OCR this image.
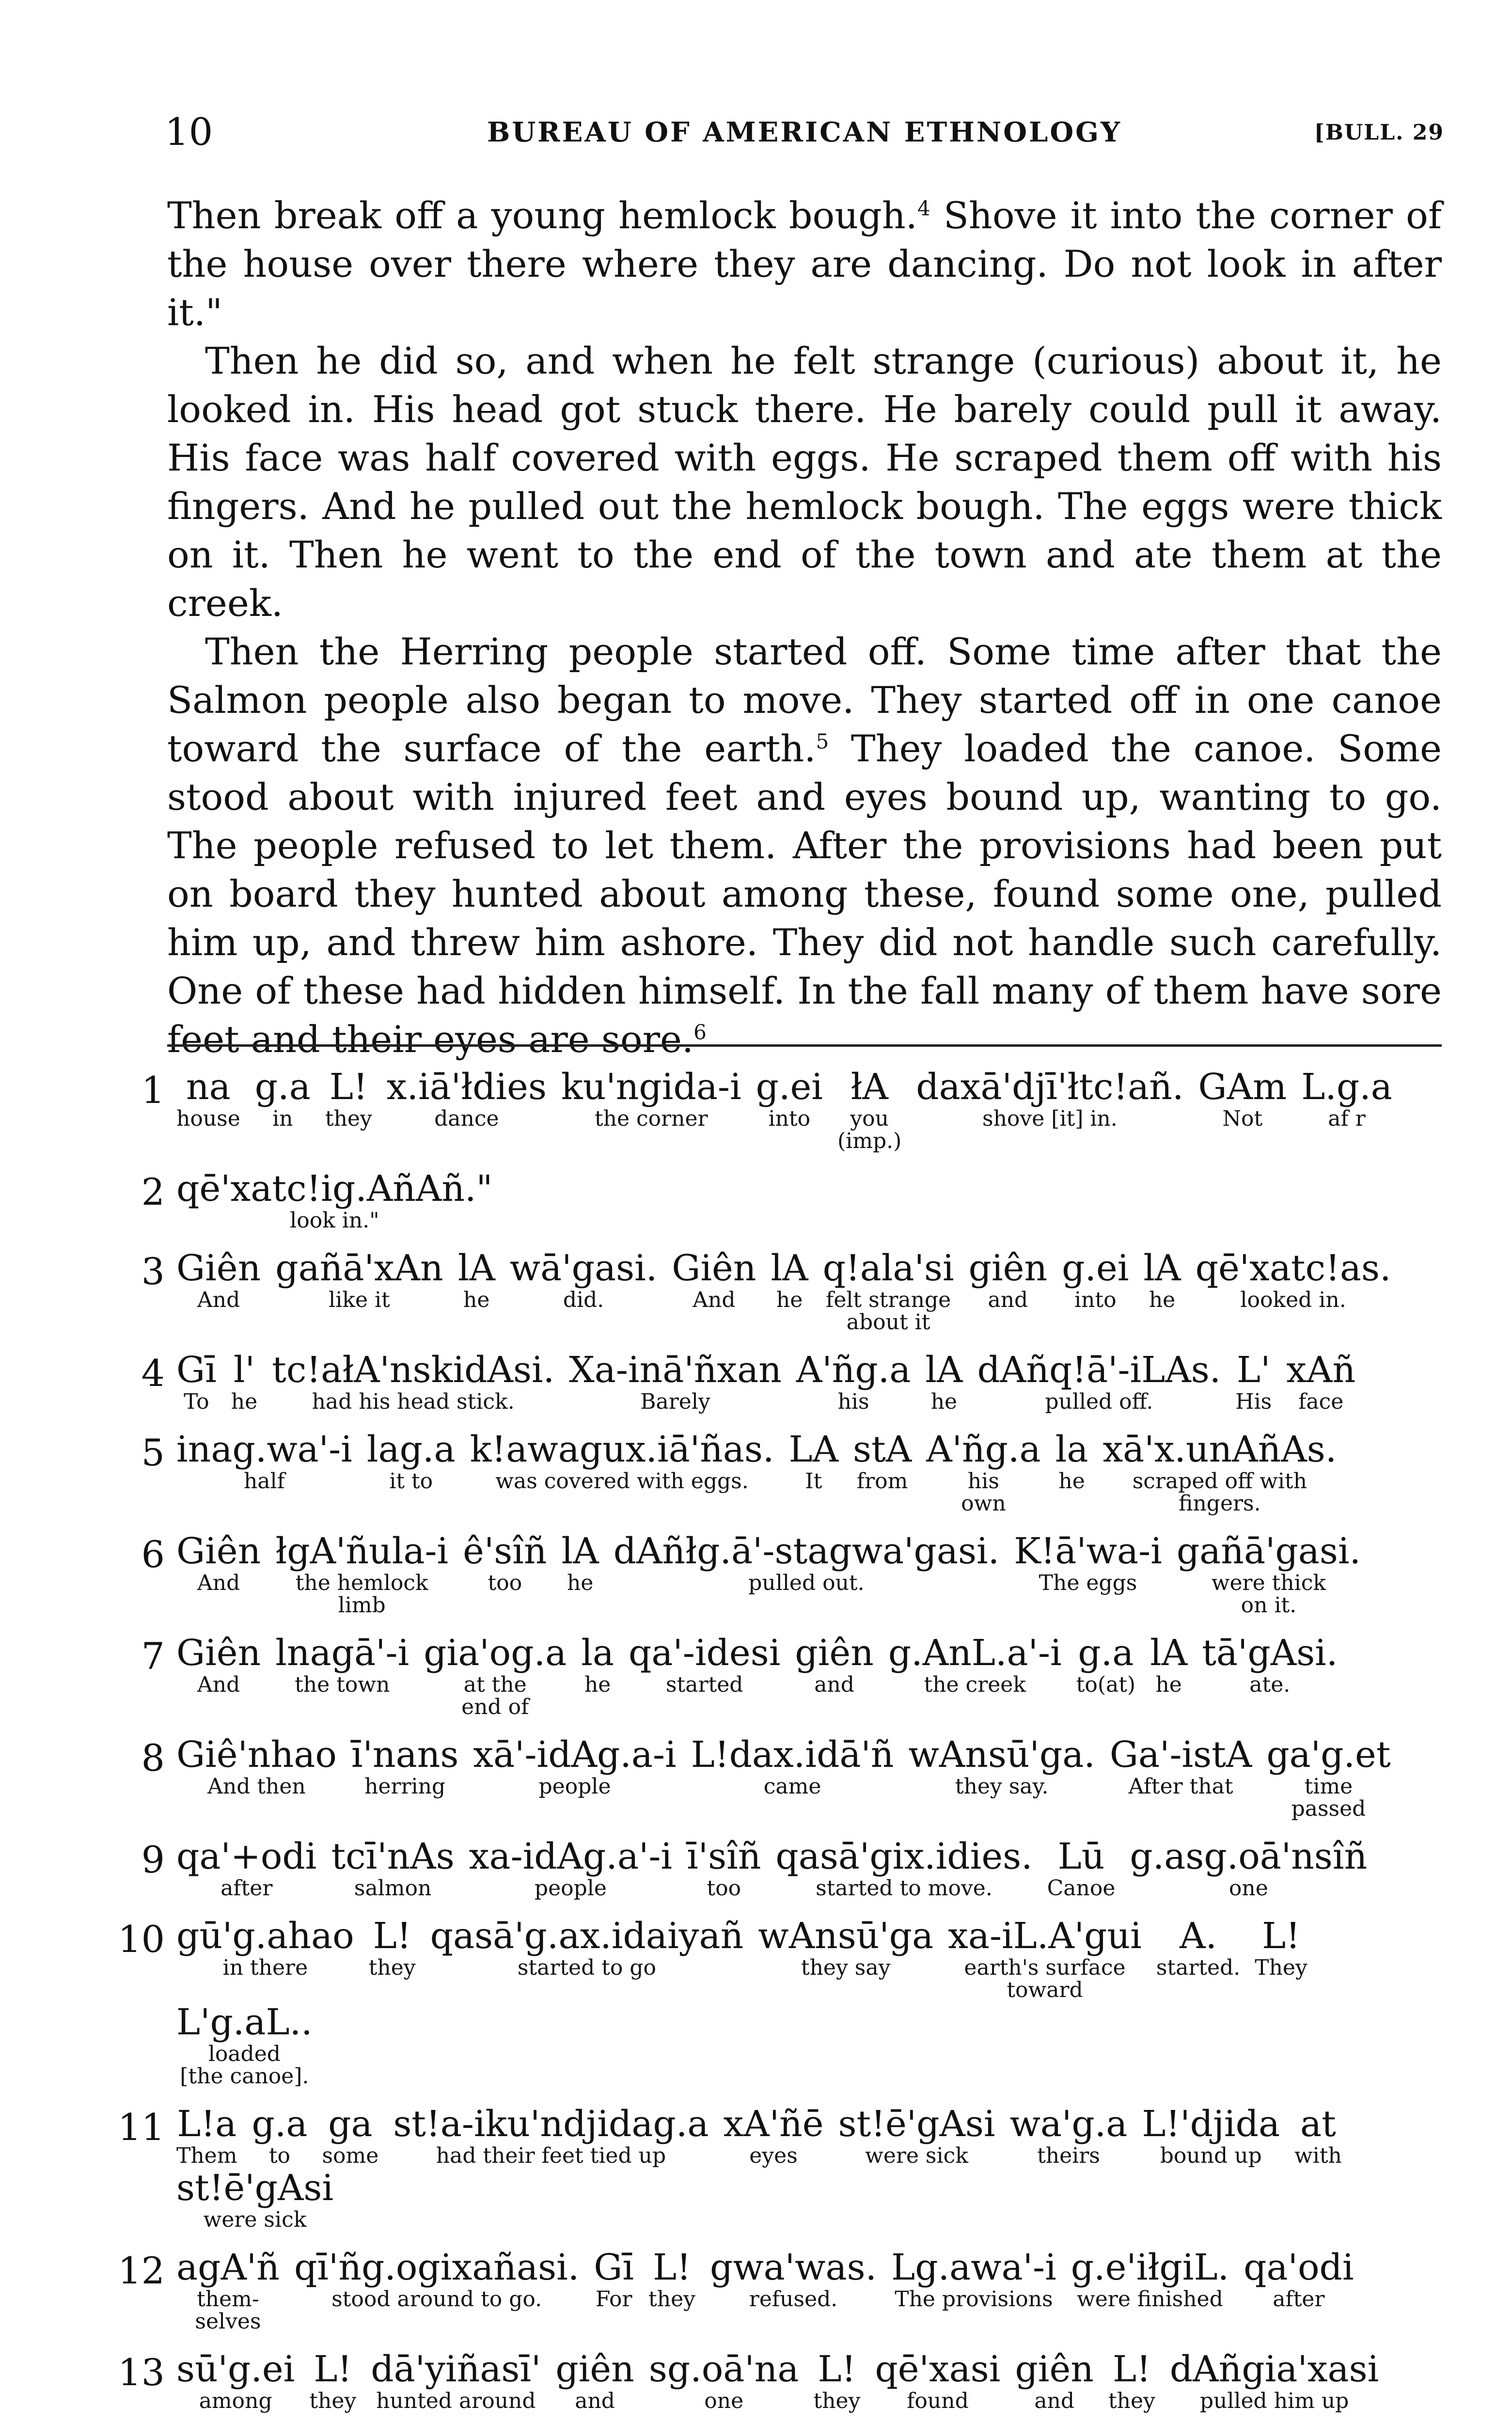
10	BUREAU OF AMERICAN ETHNOLOGY	[BULL. 29

Then break off a young hemlock bough.$^4$ Shove it into the corner of the house over there where they are dancing. Do not look in after it."

Then he did so, and when he felt strange (curious) about it, he looked in. His head got stuck there. He barely could pull it away. His face was half covered with eggs. He scraped them off with his fingers. And he pulled out the hemlock bough. The eggs were thick on it. Then he went to the end of the town and ate them at the creek.

Then the Herring people started off. Some time after that the Salmon people also began to move. They started off in one canoe toward the surface of the earth.$^5$ They loaded the canoe. Some stood about with injured feet and eyes bound up, wanting to go. The people refused to let them. After the provisions had been put on board they hunted about among these, found some one, pulled him up, and threw him ashore. They did not handle such carefully. One of these had hidden himself. In the fall many of them have sore feet and their eyes are sore.$^6$

1 na
house
g.a
in
L!
they
x.iā'łdies
dance
ku'ngida-i
the corner
g.ei
into
łA
you
(imp.)
daxā'djī'łtc!añ.
shove [it] in.
GAm
Not
L.g.a
af r
2 qē'xatc!ig.AñAñ."
look in."
3 Giên
And
gañā'xAn
like it
lA
he
wā'gasi.
did.
Giên
And
lA
he
q!ala'si
felt strange
about it
giên
and
g.ei
into
lA
he
qē'xatc!as.
looked in.
4 Gī
To
l'
he
tc!ałA'nskidAsi.
had his head stick.
Xa-inā'ñxan
Barely
A'ñg.a
his
lA
he
dAñq!ā'-iLAs.
pulled off.
L'
His
xAñ
face
5 inag.wa'-i
half
lag.a
it to
k!awagux.iā'ñas.
was covered with eggs.
LA
It
stA
from
A'ñg.a
his
own
la
he
xā'x.unAñAs.
scraped off with
fingers.
6 Giên
And
łgA'ñula-i
the hemlock
limb
ê'sîñ
too
lA
he
dAñłg.ā'-stagwa'gasi.
pulled out.
K!ā'wa-i
The eggs
gañā'gasi.
were thick
on it.
7 Giên
And
lnagā'-i
the town
gia'og.a
at the
end of
la
he
qa'-idesi
started
giên
and
g.AnL.a'-i
the creek
g.a
to(at)
lA
he
tā'gAsi.
ate.
8 Giê'nhao
And then
ī'nans
herring
xā'-idAg.a-i
people
L!dax.idā'ñ
came
wAnsū'ga.
they say.
Ga'-istA
After that
ga'g.et
time
passed
9 qa'+odi
after
tcī'nAs
salmon
xa-idAg.a'-i
people
ī'sîñ
too
qasā'gix.idies.
started to move.
Lū
Canoe
g.asg.oā'nsîñ
one
10 gū'g.ahao
in there
L!
they
qasā'g.ax.idaiyañ
started to go
wAnsū'ga
they say
xa-iL.A'gui
earth's surface
toward
A.
started.
L!
They
L'g.aL..
loaded
[the canoe].
11 L!a
Them
g.a
to
ga
some
st!a-iku'ndjidag.a
had their feet tied up
xA'ñē
eyes
st!ē'gAsi
were sick
wa'g.a
theirs
L!'djida
bound up
at
with
st!ē'gAsi
were sick
12 agA'ñ
them-
selves
qī'ñg.ogixañasi.
stood around to go.
Gī
For
L!
they
gwa'was.
refused.
Lg.awa'-i
The provisions
g.e'iłgiL.
were finished
qa'odi
after
13 sū'g.ei
among
L!
they
dā'yiñasī'
hunted around
giên
and
sg.oā'na
one
L!
they
qē'xasi
found
giên
and
L!
they
dAñgia'xasi
pulled him up
